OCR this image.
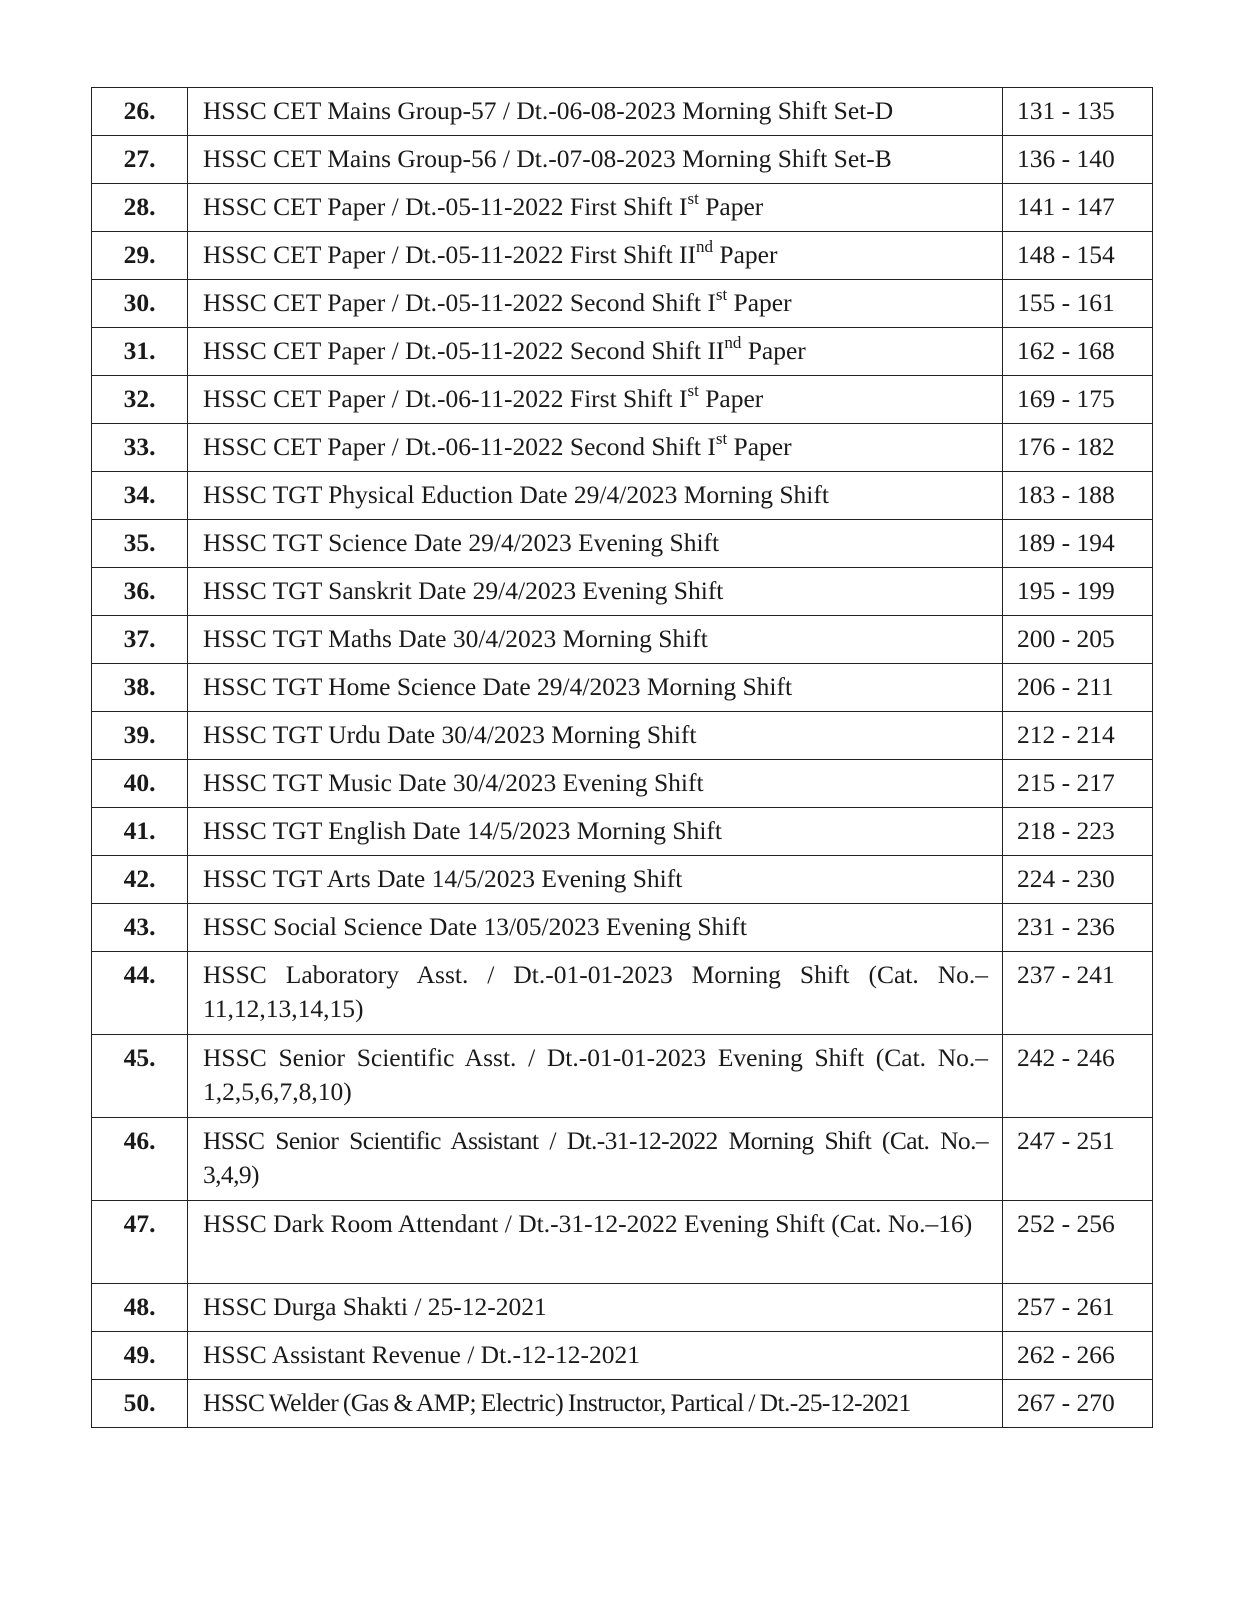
26.	HSSC CET Mains Group-57 / Dt.-06-08-2023 Morning Shift Set-D	131 - 135
27.	HSSC CET Mains Group-56 / Dt.-07-08-2023 Morning Shift Set-B	136 - 140
28.	HSSC CET Paper / Dt.-05-11-2022 First Shift Ist Paper	141 - 147
29.	HSSC CET Paper / Dt.-05-11-2022 First Shift IInd Paper	148 - 154
30.	HSSC CET Paper / Dt.-05-11-2022 Second Shift Ist Paper	155 - 161
31.	HSSC CET Paper / Dt.-05-11-2022 Second Shift IInd Paper	162 - 168
32.	HSSC CET Paper / Dt.-06-11-2022 First Shift Ist Paper	169 - 175
33.	HSSC CET Paper / Dt.-06-11-2022 Second Shift Ist Paper	176 - 182
34.	HSSC TGT Physical Eduction Date 29/4/2023 Morning Shift	183 - 188
35.	HSSC TGT Science Date 29/4/2023 Evening Shift	189 - 194
36.	HSSC TGT Sanskrit Date 29/4/2023 Evening Shift	195 - 199
37.	HSSC TGT Maths Date 30/4/2023 Morning Shift	200 - 205
38.	HSSC TGT Home Science Date 29/4/2023 Morning Shift	206 - 211
39.	HSSC TGT Urdu Date 30/4/2023 Morning Shift	212 - 214
40.	HSSC TGT Music Date 30/4/2023 Evening Shift	215 - 217
41.	HSSC TGT English Date 14/5/2023 Morning Shift	218 - 223
42.	HSSC TGT Arts Date 14/5/2023 Evening Shift	224 - 230
43.	HSSC Social Science Date 13/05/2023 Evening Shift	231 - 236
44.	HSSC Laboratory Asst. / Dt.-01-01-2023 Morning Shift (Cat. No.– 11,12,13,14,15)	237 - 241
45.	HSSC Senior Scientific Asst. / Dt.-01-01-2023 Evening Shift (Cat. No.–1,2,5,6,7,8,10)	242 - 246
46.	HSSC Senior Scientific Assistant / Dt.-31-12-2022 Morning Shift (Cat. No.–3,4,9)	247 - 251
47.	HSSC Dark Room Attendant / Dt.-31-12-2022 Evening Shift (Cat. No.–16)	252 - 256
48.	HSSC Durga Shakti / 25-12-2021	257 - 261
49.	HSSC Assistant Revenue / Dt.-12-12-2021	262 - 266
50.	HSSC Welder (Gas & AMP; Electric) Instructor, Partical / Dt.-25-12-2021	267 - 270
